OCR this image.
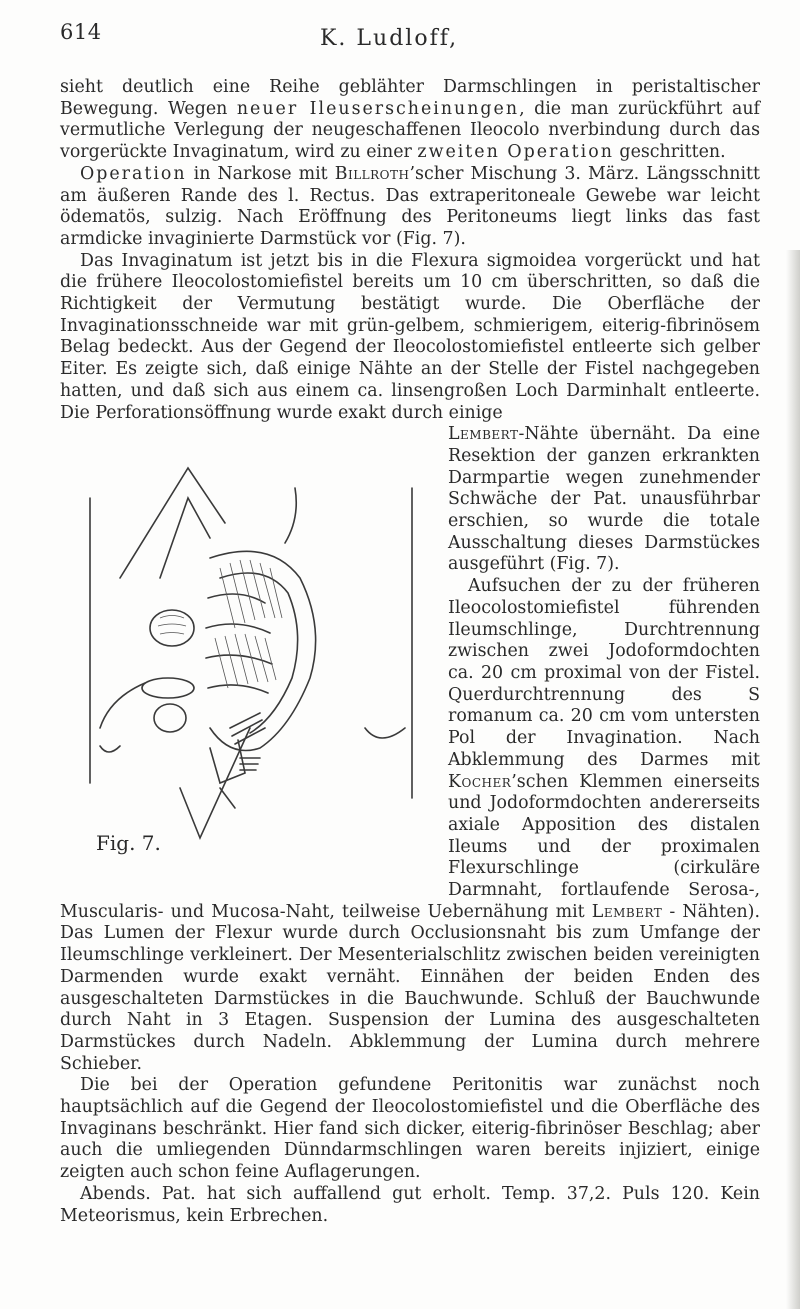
614	K. Ludloff,

sieht deutlich eine Reihe geblähter Darmschlingen in peristaltischer Bewegung. Wegen neuer Ileuserscheinungen, die man zurückführt auf vermutliche Verlegung der neugeschaffenen Ileocolo nverbindung durch das vorgerückte Invaginatum, wird zu einer zweiten Operation geschritten.

Operation in Narkose mit Billroth’scher Mischung 3. März. Längsschnitt am äußeren Rande des l. Rectus. Das extraperitoneale Gewebe war leicht ödematös, sulzig. Nach Eröffnung des Peritoneums liegt links das fast armdicke invaginierte Darmstück vor (Fig. 7).

Das Invaginatum ist jetzt bis in die Flexura sigmoidea vorgerückt und hat die frühere Ileocolostomiefistel bereits um 10 cm überschritten, so daß die Richtigkeit der Vermutung bestätigt wurde. Die Oberfläche der Invaginationsschneide war mit grün-gelbem, schmierigem, eiterig-fibrinösem Belag bedeckt. Aus der Gegend der Ileocolostomiefistel entleerte sich gelber Eiter. Es zeigte sich, daß einige Nähte an der Stelle der Fistel nachgegeben hatten, und daß sich aus einem ca. linsengroßen Loch Darminhalt entleerte. Die Perforationsöffnung wurde exakt durch einige

Fig. 7.

Lembert-Nähte übernäht. Da eine Resektion der ganzen erkrankten Darmpartie wegen zunehmender Schwäche der Pat. unausführbar erschien, so wurde die totale Ausschaltung dieses Darmstückes ausgeführt (Fig. 7).

Aufsuchen der zu der früheren Ileocolostomiefistel führenden Ileumschlinge, Durchtrennung zwischen zwei Jodoformdochten ca. 20 cm proximal von der Fistel. Querdurchtrennung des S romanum ca. 20 cm vom untersten Pol der Invagination. Nach Abklemmung des Darmes mit Kocher’schen Klemmen einerseits und Jodoformdochten andererseits axiale Apposition des distalen Ileums und der proximalen Flexurschlinge (cirkuläre Darmnaht, fortlaufende Serosa-, Muscularis- und Mucosa-Naht, teilweise Uebernähung mit Lembert - Nähten). Das Lumen der Flexur wurde durch Occlusionsnaht bis zum Umfange der Ileumschlinge verkleinert. Der Mesenterialschlitz zwischen beiden vereinigten Darmenden wurde exakt vernäht. Einnähen der beiden Enden des ausgeschalteten Darmstückes in die Bauchwunde. Schluß der Bauchwunde durch Naht in 3 Etagen. Suspension der Lumina des ausgeschalteten Darmstückes durch Nadeln. Abklemmung der Lumina durch mehrere Schieber.

Die bei der Operation gefundene Peritonitis war zunächst noch hauptsächlich auf die Gegend der Ileocolostomiefistel und die Oberfläche des Invaginans beschränkt. Hier fand sich dicker, eiterig-fibrinöser Beschlag; aber auch die umliegenden Dünndarmschlingen waren bereits injiziert, einige zeigten auch schon feine Auflagerungen.

Abends. Pat. hat sich auffallend gut erholt. Temp. 37,2. Puls 120. Kein Meteorismus, kein Erbrechen.
